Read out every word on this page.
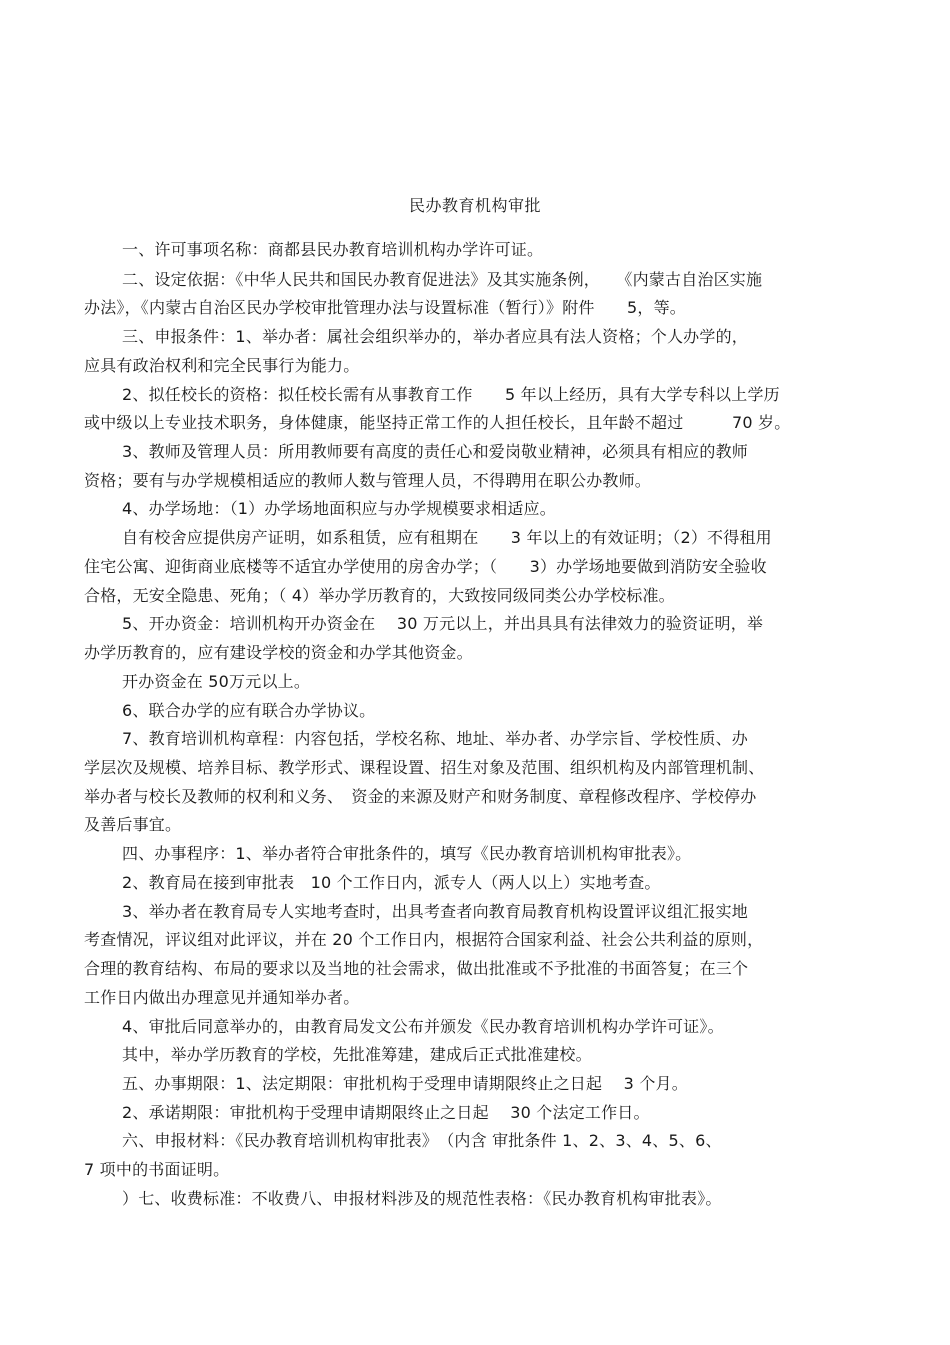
民办教育机构审批
一、许可事项名称：商都县民办教育培训机构办学许可证。
二、设定依据：《中华人民共和国民办教育促进法》及其实施条例，　　《内蒙古自治区实施
办法》，《内蒙古自治区民办学校审批管理办法与设置标准（暂行）》附件　　5，等。
三、申报条件：1、举办者：属社会组织举办的，举办者应具有法人资格；个人办学的，
应具有政治权利和完全民事行为能力。
2、拟任校长的资格：拟任校长需有从事教育工作　　5 年以上经历，具有大学专科以上学历
或中级以上专业技术职务，身体健康，能坚持正常工作的人担任校长，且年龄不超过　　　70 岁。
3、教师及管理人员：所用教师要有高度的责任心和爱岗敬业精神，必须具有相应的教师
资格；要有与办学规模相适应的教师人数与管理人员，不得聘用在职公办教师。
4、办学场地：（1）办学场地面积应与办学规模要求相适应。
自有校舍应提供房产证明，如系租赁，应有租期在　　3 年以上的有效证明；（2）不得租用
住宅公寓、迎街商业底楼等不适宜办学使用的房舍办学；（　　3）办学场地要做到消防安全验收
合格，无安全隐患、死角；（ 4）举办学历教育的，大致按同级同类公办学校标准。
5、开办资金：培训机构开办资金在　 30 万元以上，并出具具有法律效力的验资证明，举
办学历教育的，应有建设学校的资金和办学其他资金。
开办资金在 50万元以上。
6、联合办学的应有联合办学协议。
7、教育培训机构章程：内容包括，学校名称、地址、举办者、办学宗旨、学校性质、办
学层次及规模、培养目标、教学形式、课程设置、招生对象及范围、组织机构及内部管理机制、
举办者与校长及教师的权利和义务、　资金的来源及财产和财务制度、章程修改程序、学校停办
及善后事宜。
四、办事程序：1、举办者符合审批条件的，填写《民办教育培训机构审批表》。
2、教育局在接到审批表　10 个工作日内，派专人（两人以上）实地考查。
3、举办者在教育局专人实地考查时，出具考查者向教育局教育机构设置评议组汇报实地
考查情况，评议组对此评议，并在 20 个工作日内，根据符合国家利益、社会公共利益的原则，
合理的教育结构、布局的要求以及当地的社会需求，做出批准或不予批准的书面答复；在三个
工作日内做出办理意见并通知举办者。
4、审批后同意举办的，由教育局发文公布并颁发《民办教育培训机构办学许可证》。
其中，举办学历教育的学校，先批准筹建，建成后正式批准建校。
五、办事期限：1、法定期限：审批机构于受理申请期限终止之日起　 3 个月。
2、承诺期限：审批机构于受理申请期限终止之日起　 30 个法定工作日。
六、申报材料：《民办教育培训机构审批表》　（内含 审批条件 1、2、3、4、5、6、
7 项中的书面证明。
）七、收费标准：不收费八、申报材料涉及的规范性表格：《民办教育机构审批表》。
